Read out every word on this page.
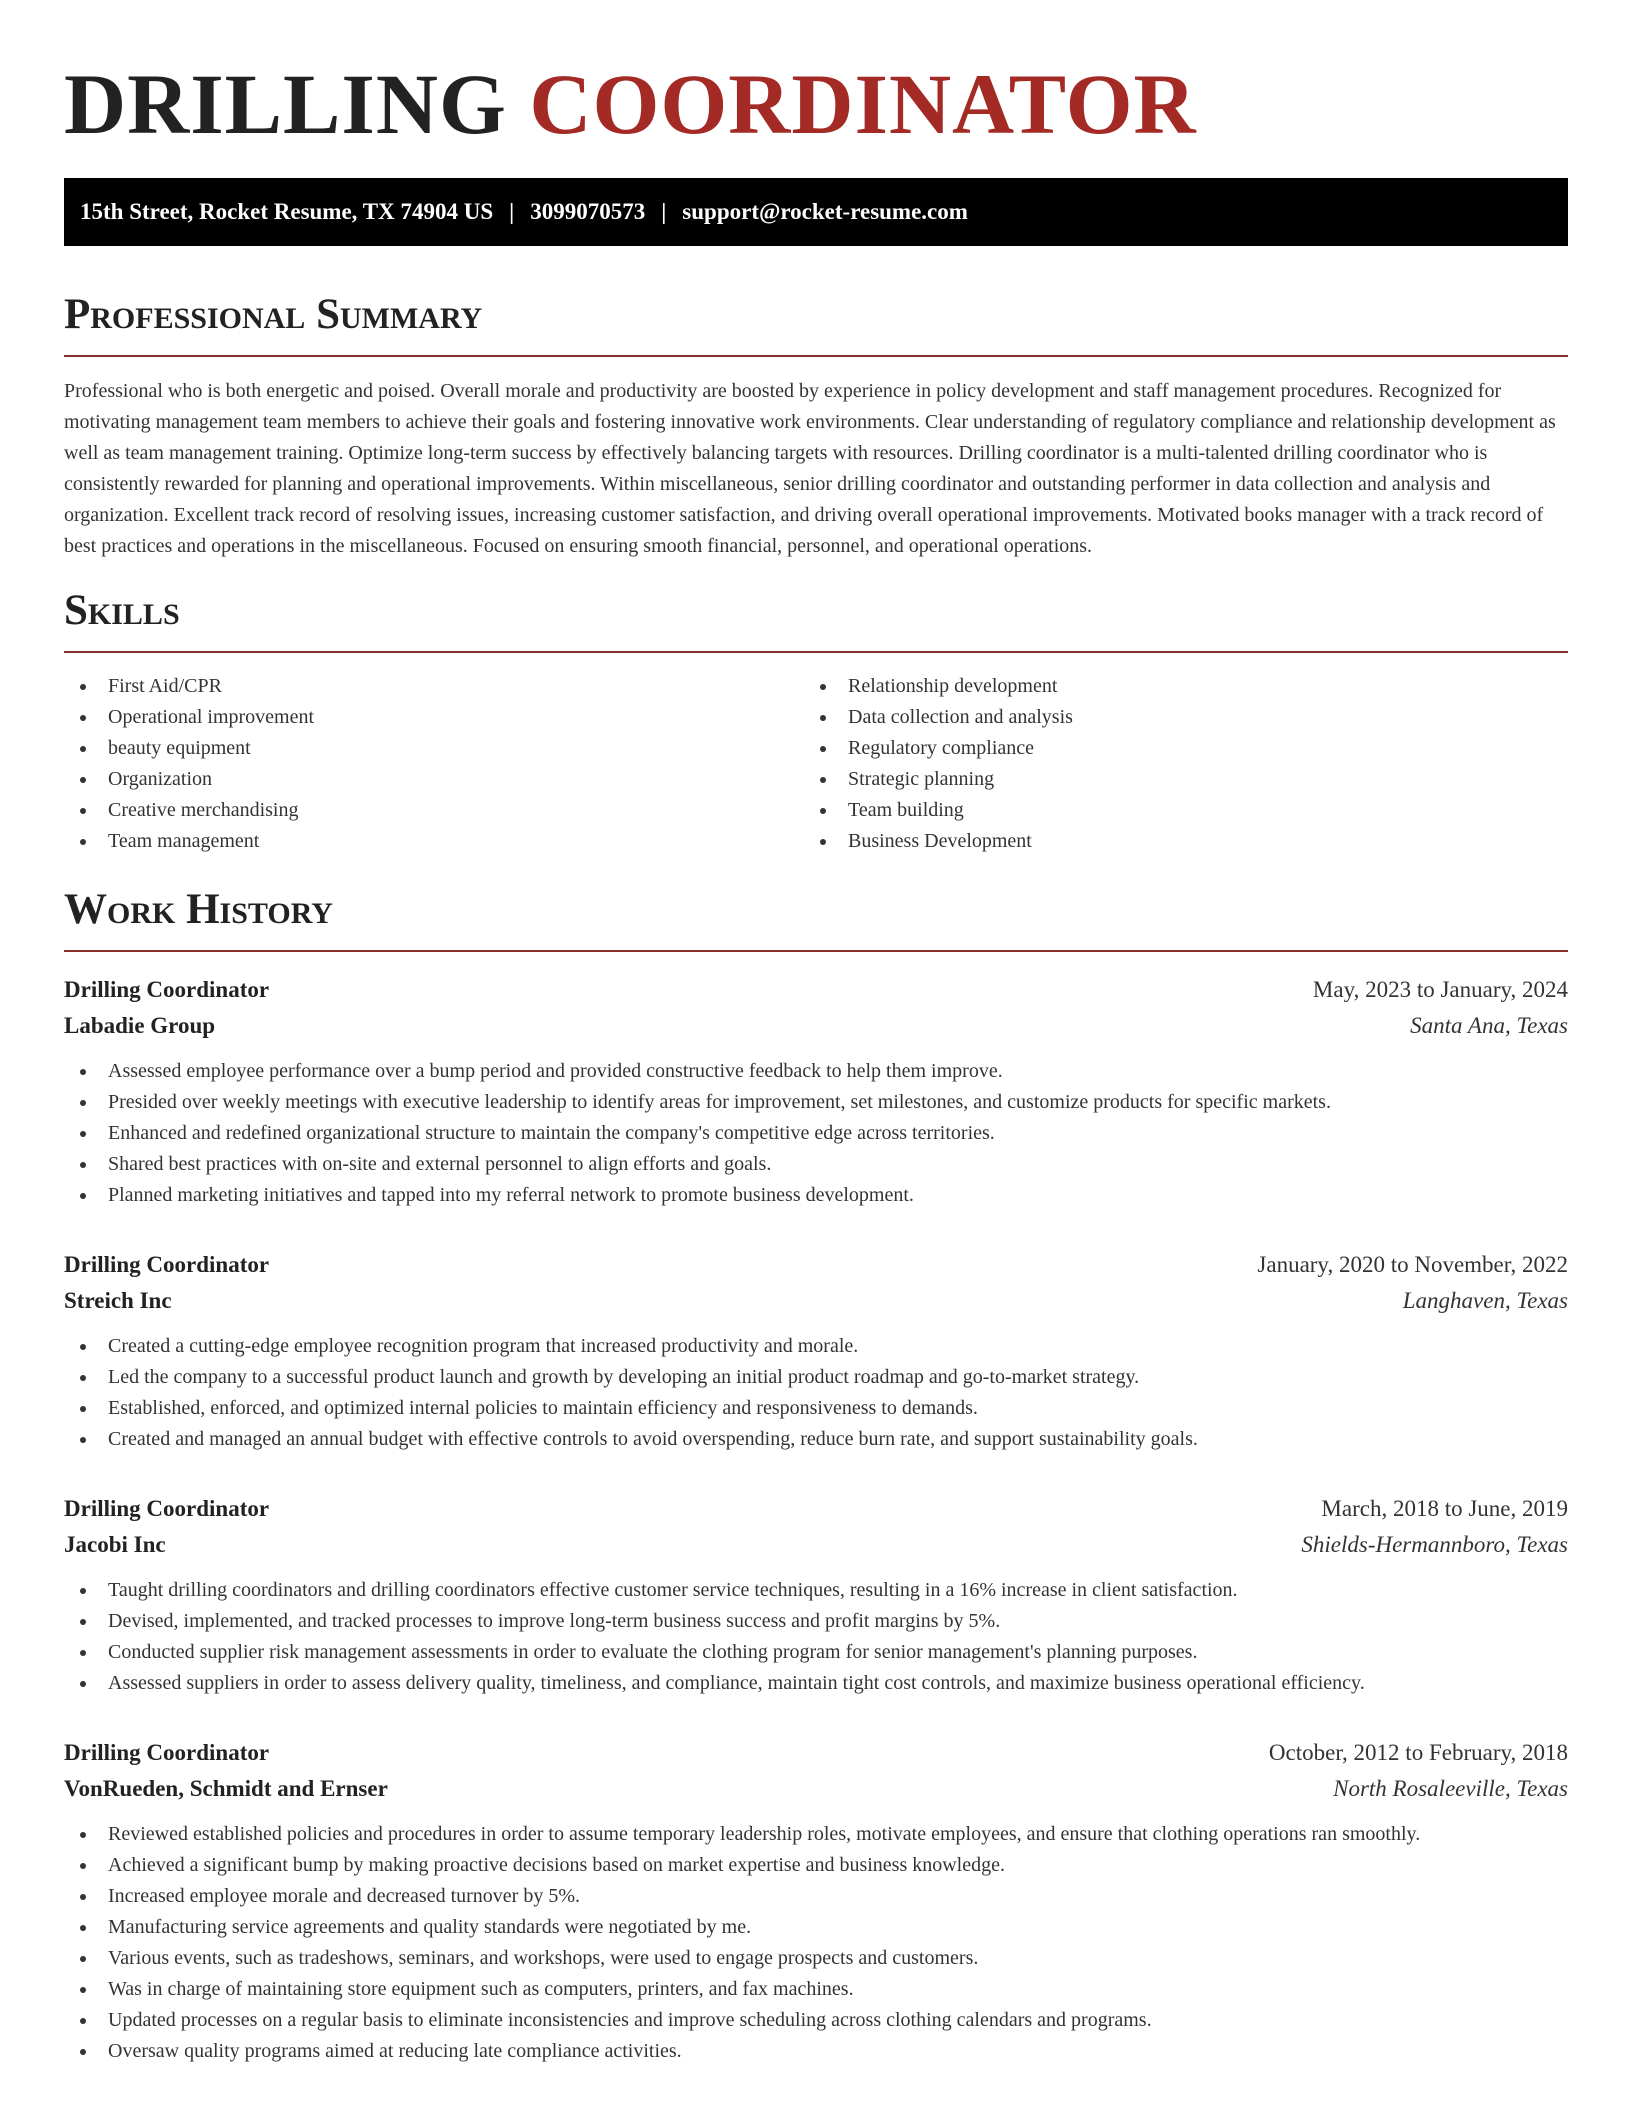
DRILLING COORDINATOR
15th Street, Rocket Resume, TX 74904 US | 3099070573 | support@rocket-resume.com
Professional Summary

Professional who is both energetic and poised. Overall morale and productivity are boosted by experience in policy development and staff management procedures. Recognized for motivating management team members to achieve their goals and fostering innovative work environments. Clear understanding of regulatory compliance and relationship development as well as team management training. Optimize long-term success by effectively balancing targets with resources. Drilling coordinator is a multi-talented drilling coordinator who is consistently rewarded for planning and operational improvements. Within miscellaneous, senior drilling coordinator and outstanding performer in data collection and analysis and organization. Excellent track record of resolving issues, increasing customer satisfaction, and driving overall operational improvements. Motivated books manager with a track record of best practices and operations in the miscellaneous. Focused on ensuring smooth financial, personnel, and operational operations.

Skills
First Aid/CPR
Operational improvement
beauty equipment
Organization
Creative merchandising
Team management
Relationship development
Data collection and analysis
Regulatory compliance
Strategic planning
Team building
Business Development
Work History
Drilling Coordinator	May, 2023 to January, 2024
Labadie Group	Santa Ana, Texas
Assessed employee performance over a bump period and provided constructive feedback to help them improve.
Presided over weekly meetings with executive leadership to identify areas for improvement, set milestones, and customize products for specific markets.
Enhanced and redefined organizational structure to maintain the company's competitive edge across territories.
Shared best practices with on-site and external personnel to align efforts and goals.
Planned marketing initiatives and tapped into my referral network to promote business development.
Drilling Coordinator	January, 2020 to November, 2022
Streich Inc	Langhaven, Texas
Created a cutting-edge employee recognition program that increased productivity and morale.
Led the company to a successful product launch and growth by developing an initial product roadmap and go-to-market strategy.
Established, enforced, and optimized internal policies to maintain efficiency and responsiveness to demands.
Created and managed an annual budget with effective controls to avoid overspending, reduce burn rate, and support sustainability goals.
Drilling Coordinator	March, 2018 to June, 2019
Jacobi Inc	Shields-Hermannboro, Texas
Taught drilling coordinators and drilling coordinators effective customer service techniques, resulting in a 16% increase in client satisfaction.
Devised, implemented, and tracked processes to improve long-term business success and profit margins by 5%.
Conducted supplier risk management assessments in order to evaluate the clothing program for senior management's planning purposes.
Assessed suppliers in order to assess delivery quality, timeliness, and compliance, maintain tight cost controls, and maximize business operational efficiency.
Drilling Coordinator	October, 2012 to February, 2018
VonRueden, Schmidt and Ernser	North Rosaleeville, Texas
Reviewed established policies and procedures in order to assume temporary leadership roles, motivate employees, and ensure that clothing operations ran smoothly.
Achieved a significant bump by making proactive decisions based on market expertise and business knowledge.
Increased employee morale and decreased turnover by 5%.
Manufacturing service agreements and quality standards were negotiated by me.
Various events, such as tradeshows, seminars, and workshops, were used to engage prospects and customers.
Was in charge of maintaining store equipment such as computers, printers, and fax machines.
Updated processes on a regular basis to eliminate inconsistencies and improve scheduling across clothing calendars and programs.
Oversaw quality programs aimed at reducing late compliance activities.
